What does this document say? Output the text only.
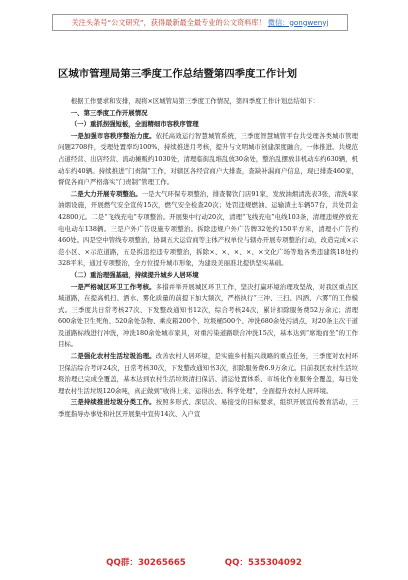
关注头条号“公文研究”，获得最新最全最专业的公文资料库！ 微信：gongwenyj
区城市管理局第三季度工作总结暨第四季度工作计划

根据工作要求和安排，现将×区城管局第三季度工作情况，第四季度工作计划总结如下：

一、第三季度工作开展情况
（一）重抓拐强短板，全面精细市容秩序管理

一是加强市容秩序整治力度。依托高效运行智慧城管系统，三季度智慧城管平台共受理各类城市管理问题2708件，受理处置率均100%，持续推进月考核，提升与文明城市创建深度融合，一体推进。共规范占道经营、出店经营、流动摊贩约1030处，清理临街乱堆乱放30余处，整治乱摆放非机动车约630辆，机动车约40辆。持续推进“门责制”工作，对辖区各经营商户大排查，查缺补漏商户信息，现已排查460家，督促各商户严格落实“门责制”管理工作。

二是大力开展专项整治。一是大气环保专项整治，排查餐饮门店91家，发放油烟清洗表3张，清洗4家油烟设施，开展燃气安全宣传15次，燃气安全检查20次；处罚违规燃油、运输渣土车辆57台，共处罚金42800元。二是“飞线充电”专项整治。开展集中行动20次，清理“飞线充电”电线103条，清理违规停放充电电动车138辆。三是户外广告设施专项整治。拆除违规户外广告牌32处约150平方米，清理小广告约460处。四是空中管线专项整治，协调五大运营商等主体产权单位与辖办开展专项整治行动，改造完成×示范小区、×示范道路，五是拆违控违专项整治，拆除×、×、×、×、×文化广场等地各类违建筑18处约328平米，通过专项整治，全方位提升城市形象，为建设美丽准北提供坚实基础。

（二）重治理强基础，持续提升城乡人居环境

一是严格城区环卫工作考核。多措并举开展城区环卫工作，坚决打赢环境治理攻坚战，对我区重点区域道路，在提高机扫、洒水、雾化质量的前提下加大频次，严格执行“三冲、三扫、四洒、六雾”的工作模式。三季度共日常考核27次、下发整改通知书12次，综合考核24次，累计扣除服务费52万余元；清理600余处卫生死角、520余处杂物、乘皮箱200个、垃圾桶500个、冲洗680余处污渍点，对20条主次干道及道路标线进行冲洗，冲洗180余处城市家具，对重污染道路联合冲洗15次，基本达到“席地而坐”的工作目标。

二是强化农村生活垃圾治理。改善农村人居环境，是实施乡村振兴战略的重点任务，三季度对农村环卫保洁综合考评24次，日常考核30次，下发整改通知书3次，扣除服务费6.9万余元。目前我区农村生活垃圾治理已完成全覆盖，基本达到农村生活垃圾清扫保洁、清运处置体系、市场化作业服务全覆盖，每日处理农村生活垃圾120余吨，真正做到“收得上来、运得出去、科学处理”，全面提升农村人居环境。

三是持续推进垃圾分类工作。按照多形式、深层次、易接受的目标要求，组织开展宣传教育活动，三季度指导办事处和社区开展集中宣传14次、入户宣

QQ群：30265665	QQ：535304092
